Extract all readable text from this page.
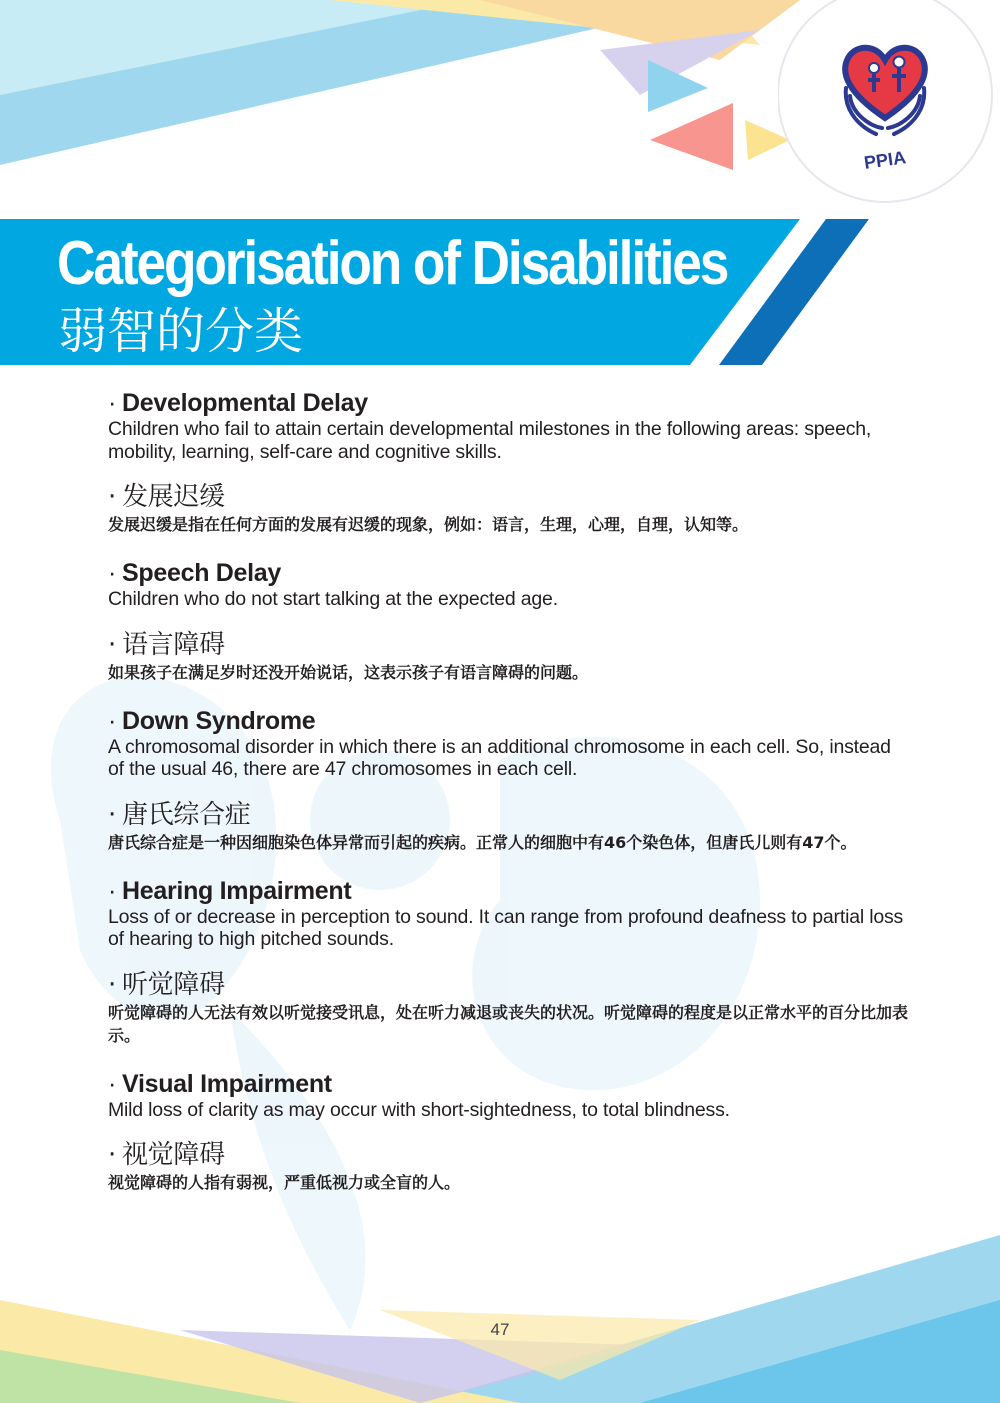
Categorisation of Disabilities
弱智的分类
PPIA
· Developmental Delay
Children who fail to attain certain developmental milestones in the following areas: speech, mobility, learning, self-care and cognitive skills.
· 发展迟缓
发展迟缓是指在任何方面的发展有迟缓的现象，例如：语言，生理，心理，自理，认知等。
· Speech Delay
Children who do not start talking at the expected age.
· 语言障碍
如果孩子在满足岁时还没开始说话，这表示孩子有语言障碍的问题。
· Down Syndrome
A chromosomal disorder in which there is an additional chromosome in each cell. So, instead of the usual 46, there are 47 chromosomes in each cell.
· 唐氏综合症
唐氏综合症是一种因细胞染色体异常而引起的疾病。正常人的细胞中有46个染色体，但唐氏儿则有47个。
· Hearing Impairment
Loss of or decrease in perception to sound. It can range from profound deafness to partial loss of hearing to high pitched sounds.
· 听觉障碍
听觉障碍的人无法有效以听觉接受讯息，处在听力减退或丧失的状况。听觉障碍的程度是以正常水平的百分比加表示。
· Visual Impairment
Mild loss of clarity as may occur with short-sightedness, to total blindness.
· 视觉障碍
视觉障碍的人指有弱视，严重低视力或全盲的人。
47
